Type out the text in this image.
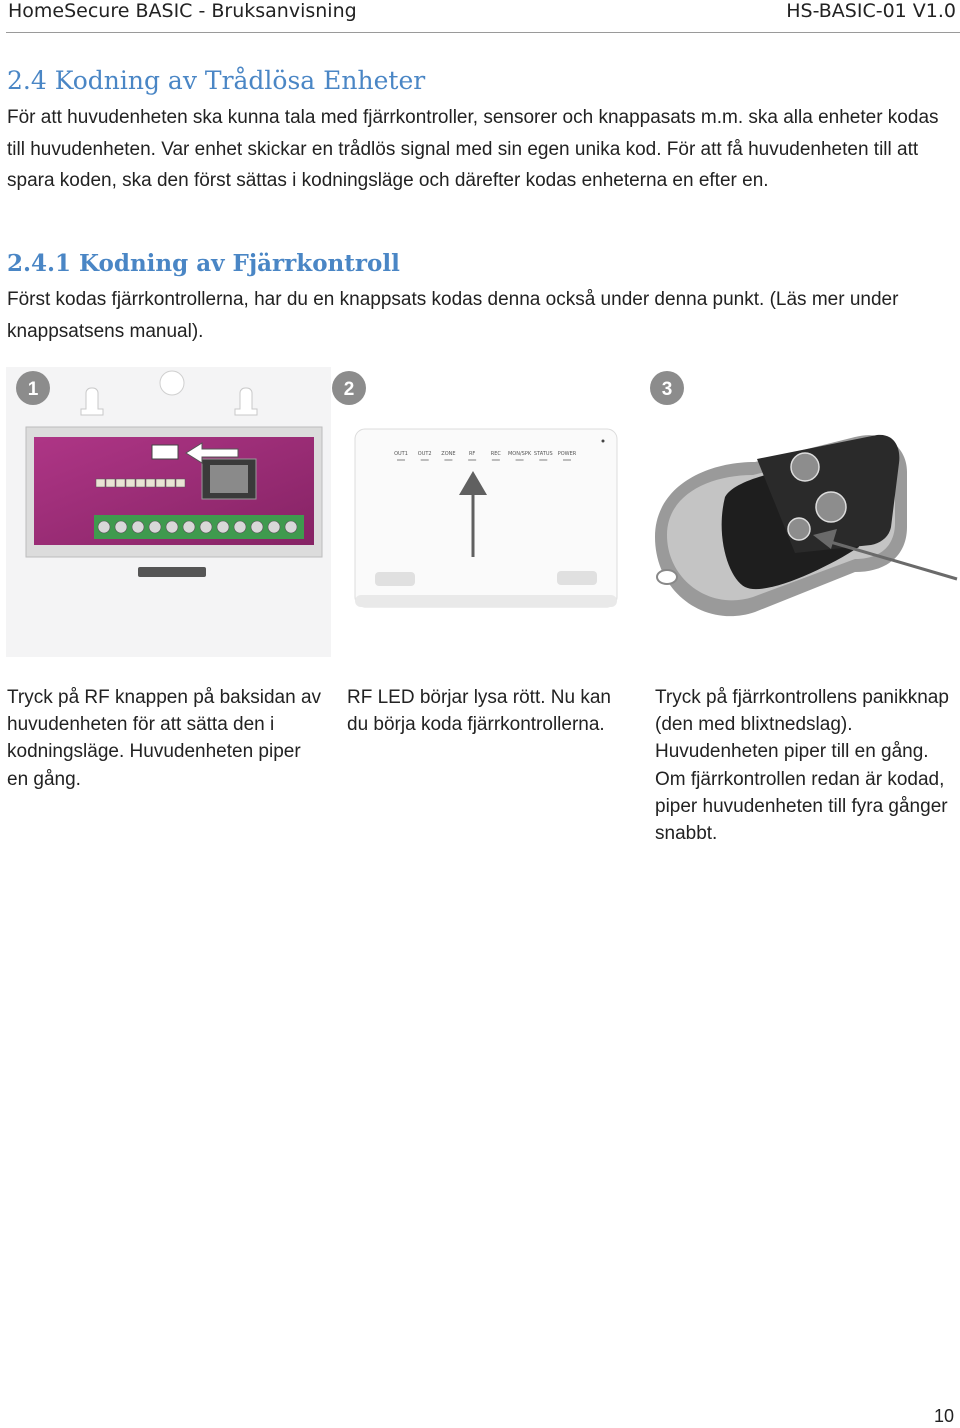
HomeSecure BASIC - Bruksanvisning	HS-BASIC-01 V1.0
2.4 Kodning av Trådlösa Enheter
För att huvudenheten ska kunna tala med fjärrkontroller, sensorer och knappasats m.m. ska alla enheter kodas till huvudenheten. Var enhet skickar en trådlös signal med sin egen unika kod. För att få huvudenheten till att spara koden, ska den först sättas i kodningsläge och därefter kodas enheterna en efter en.
2.4.1 Kodning av Fjärrkontroll
Först kodas fjärrkontrollerna, har du en knappsats kodas denna också under denna punkt. (Läs mer under knappsatsens manual).
1
OUT1 OUT2 ZONE	RF	REC MON/SPK STATUS POWER
2	3
Tryck på RF knappen på baksidan av huvudenheten för att sätta den i kodningsläge. Huvudenheten piper en gång.
RF LED börjar lysa rött. Nu kan du börja koda fjärrkontrollerna.
Tryck på fjärrkontrollens panikknap (den med blixtnedslag). Huvudenheten piper till en gång. Om fjärrkontrollen redan är kodad, piper huvudenheten till fyra gånger snabbt.
10
